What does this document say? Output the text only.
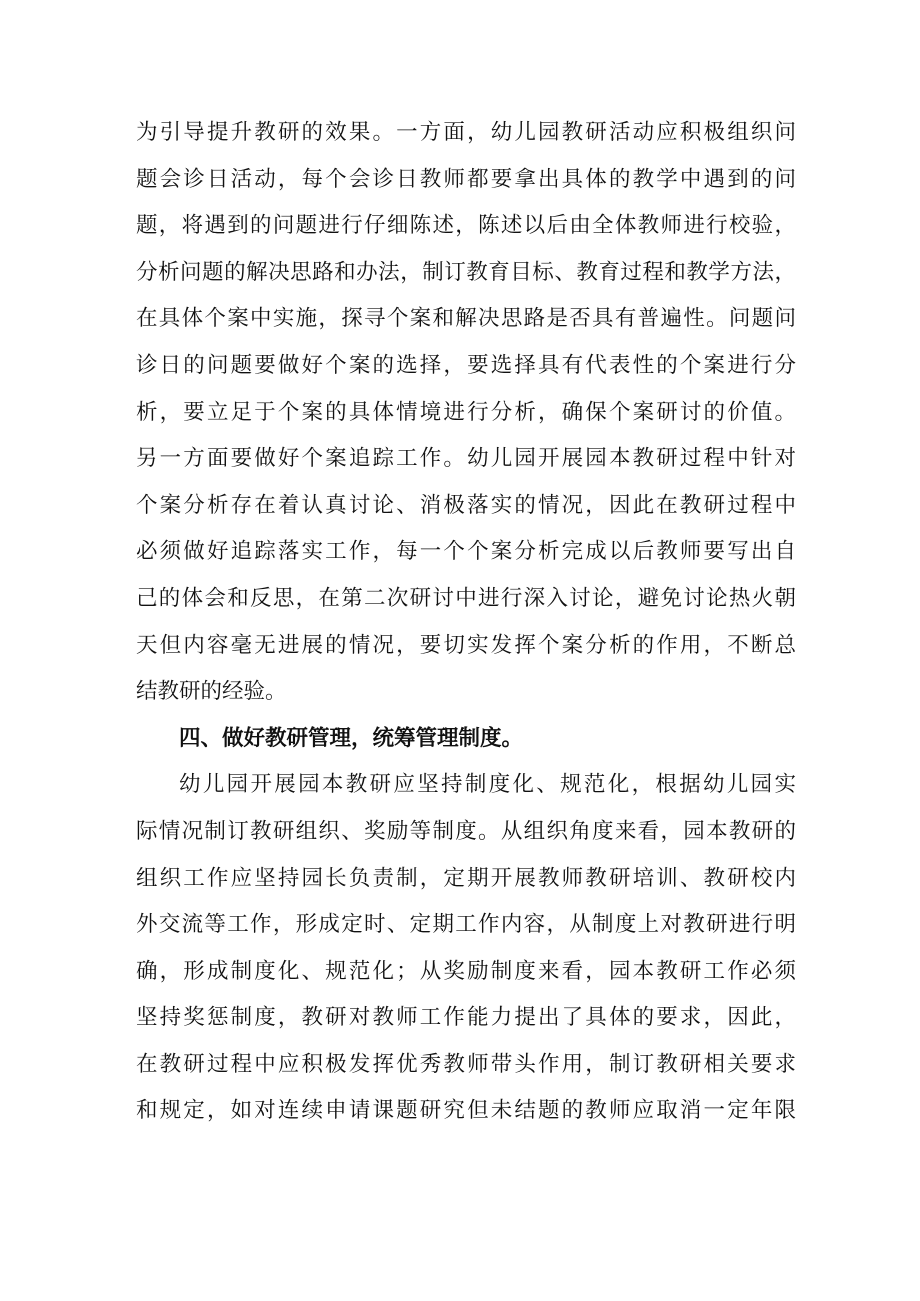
为引导提升教研的效果。一方面，幼儿园教研活动应积极组织问
题会诊日活动，每个会诊日教师都要拿出具体的教学中遇到的问
题，将遇到的问题进行仔细陈述，陈述以后由全体教师进行校验，
分析问题的解决思路和办法，制订教育目标、教育过程和教学方法，
在具体个案中实施，探寻个案和解决思路是否具有普遍性。问题问
诊日的问题要做好个案的选择，要选择具有代表性的个案进行分
析，要立足于个案的具体情境进行分析，确保个案研讨的价值。
另一方面要做好个案追踪工作。幼儿园开展园本教研过程中针对
个案分析存在着认真讨论、消极落实的情况，因此在教研过程中
必须做好追踪落实工作，每一个个案分析完成以后教师要写出自
己的体会和反思，在第二次研讨中进行深入讨论，避免讨论热火朝
天但内容毫无进展的情况，要切实发挥个案分析的作用，不断总
结教研的经验。
四、做好教研管理，统筹管理制度。
幼儿园开展园本教研应坚持制度化、规范化，根据幼儿园实
际情况制订教研组织、奖励等制度。从组织角度来看，园本教研的
组织工作应坚持园长负责制，定期开展教师教研培训、教研校内
外交流等工作，形成定时、定期工作内容，从制度上对教研进行明
确，形成制度化、规范化；从奖励制度来看，园本教研工作必须
坚持奖惩制度，教研对教师工作能力提出了具体的要求，因此，
在教研过程中应积极发挥优秀教师带头作用，制订教研相关要求
和规定，如对连续申请课题研究但未结题的教师应取消一定年限
